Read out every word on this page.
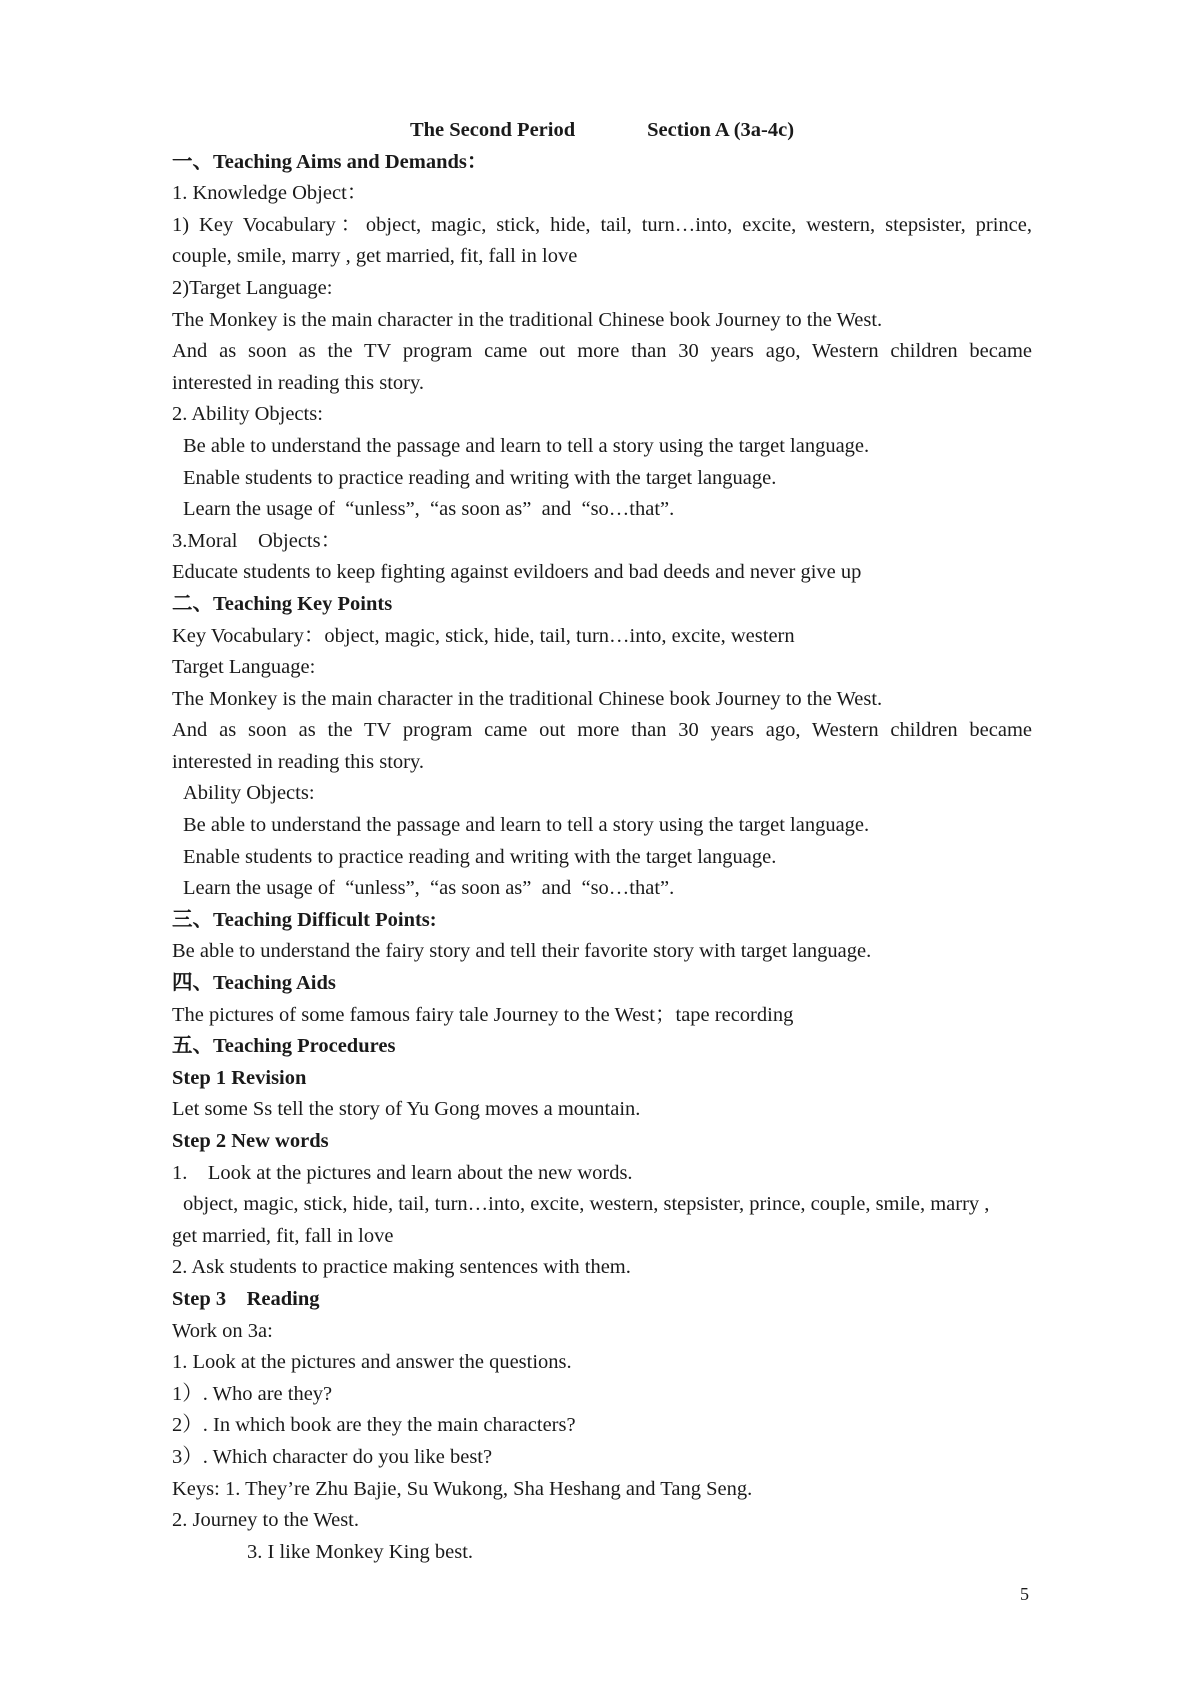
The Second Period	Section A (3a-4c)
一、Teaching Aims and Demands：
1. Knowledge Object：
1) Key Vocabulary：object, magic, stick, hide, tail, turn…into, excite, western, stepsister, prince,
couple, smile, marry , get married, fit, fall in love
2)Target Language:
The Monkey is the main character in the traditional Chinese book Journey to the West.
And as soon as the TV program came out more than 30 years ago, Western children became
interested in reading this story.
2. Ability Objects:
Be able to understand the passage and learn to tell a story using the target language.
Enable students to practice reading and writing with the target language.
Learn the usage of  “unless”,  “as soon as”  and  “so…that”.
3.Moral    Objects：
Educate students to keep fighting against evildoers and bad deeds and never give up
二、Teaching Key Points
Key Vocabulary：object, magic, stick, hide, tail, turn…into, excite, western
Target Language:
The Monkey is the main character in the traditional Chinese book Journey to the West.
And as soon as the TV program came out more than 30 years ago, Western children became
interested in reading this story.
Ability Objects:
Be able to understand the passage and learn to tell a story using the target language.
Enable students to practice reading and writing with the target language.
Learn the usage of  “unless”,  “as soon as”  and  “so…that”.
三、Teaching Difficult Points:
Be able to understand the fairy story and tell their favorite story with target language.
四、Teaching Aids
The pictures of some famous fairy tale Journey to the West；tape recording
五、Teaching Procedures
Step 1 Revision
Let some Ss tell the story of Yu Gong moves a mountain.
Step 2 New words
1.    Look at the pictures and learn about the new words.
object, magic, stick, hide, tail, turn…into, excite, western, stepsister, prince, couple, smile, marry ,
get married, fit, fall in love
2. Ask students to practice making sentences with them.
Step 3    Reading
Work on 3a:
1. Look at the pictures and answer the questions.
1）. Who are they?
2）. In which book are they the main characters?
3）. Which character do you like best?
Keys: 1. They’re Zhu Bajie, Su Wukong, Sha Heshang and Tang Seng.
2. Journey to the West.
3. I like Monkey King best.
5
